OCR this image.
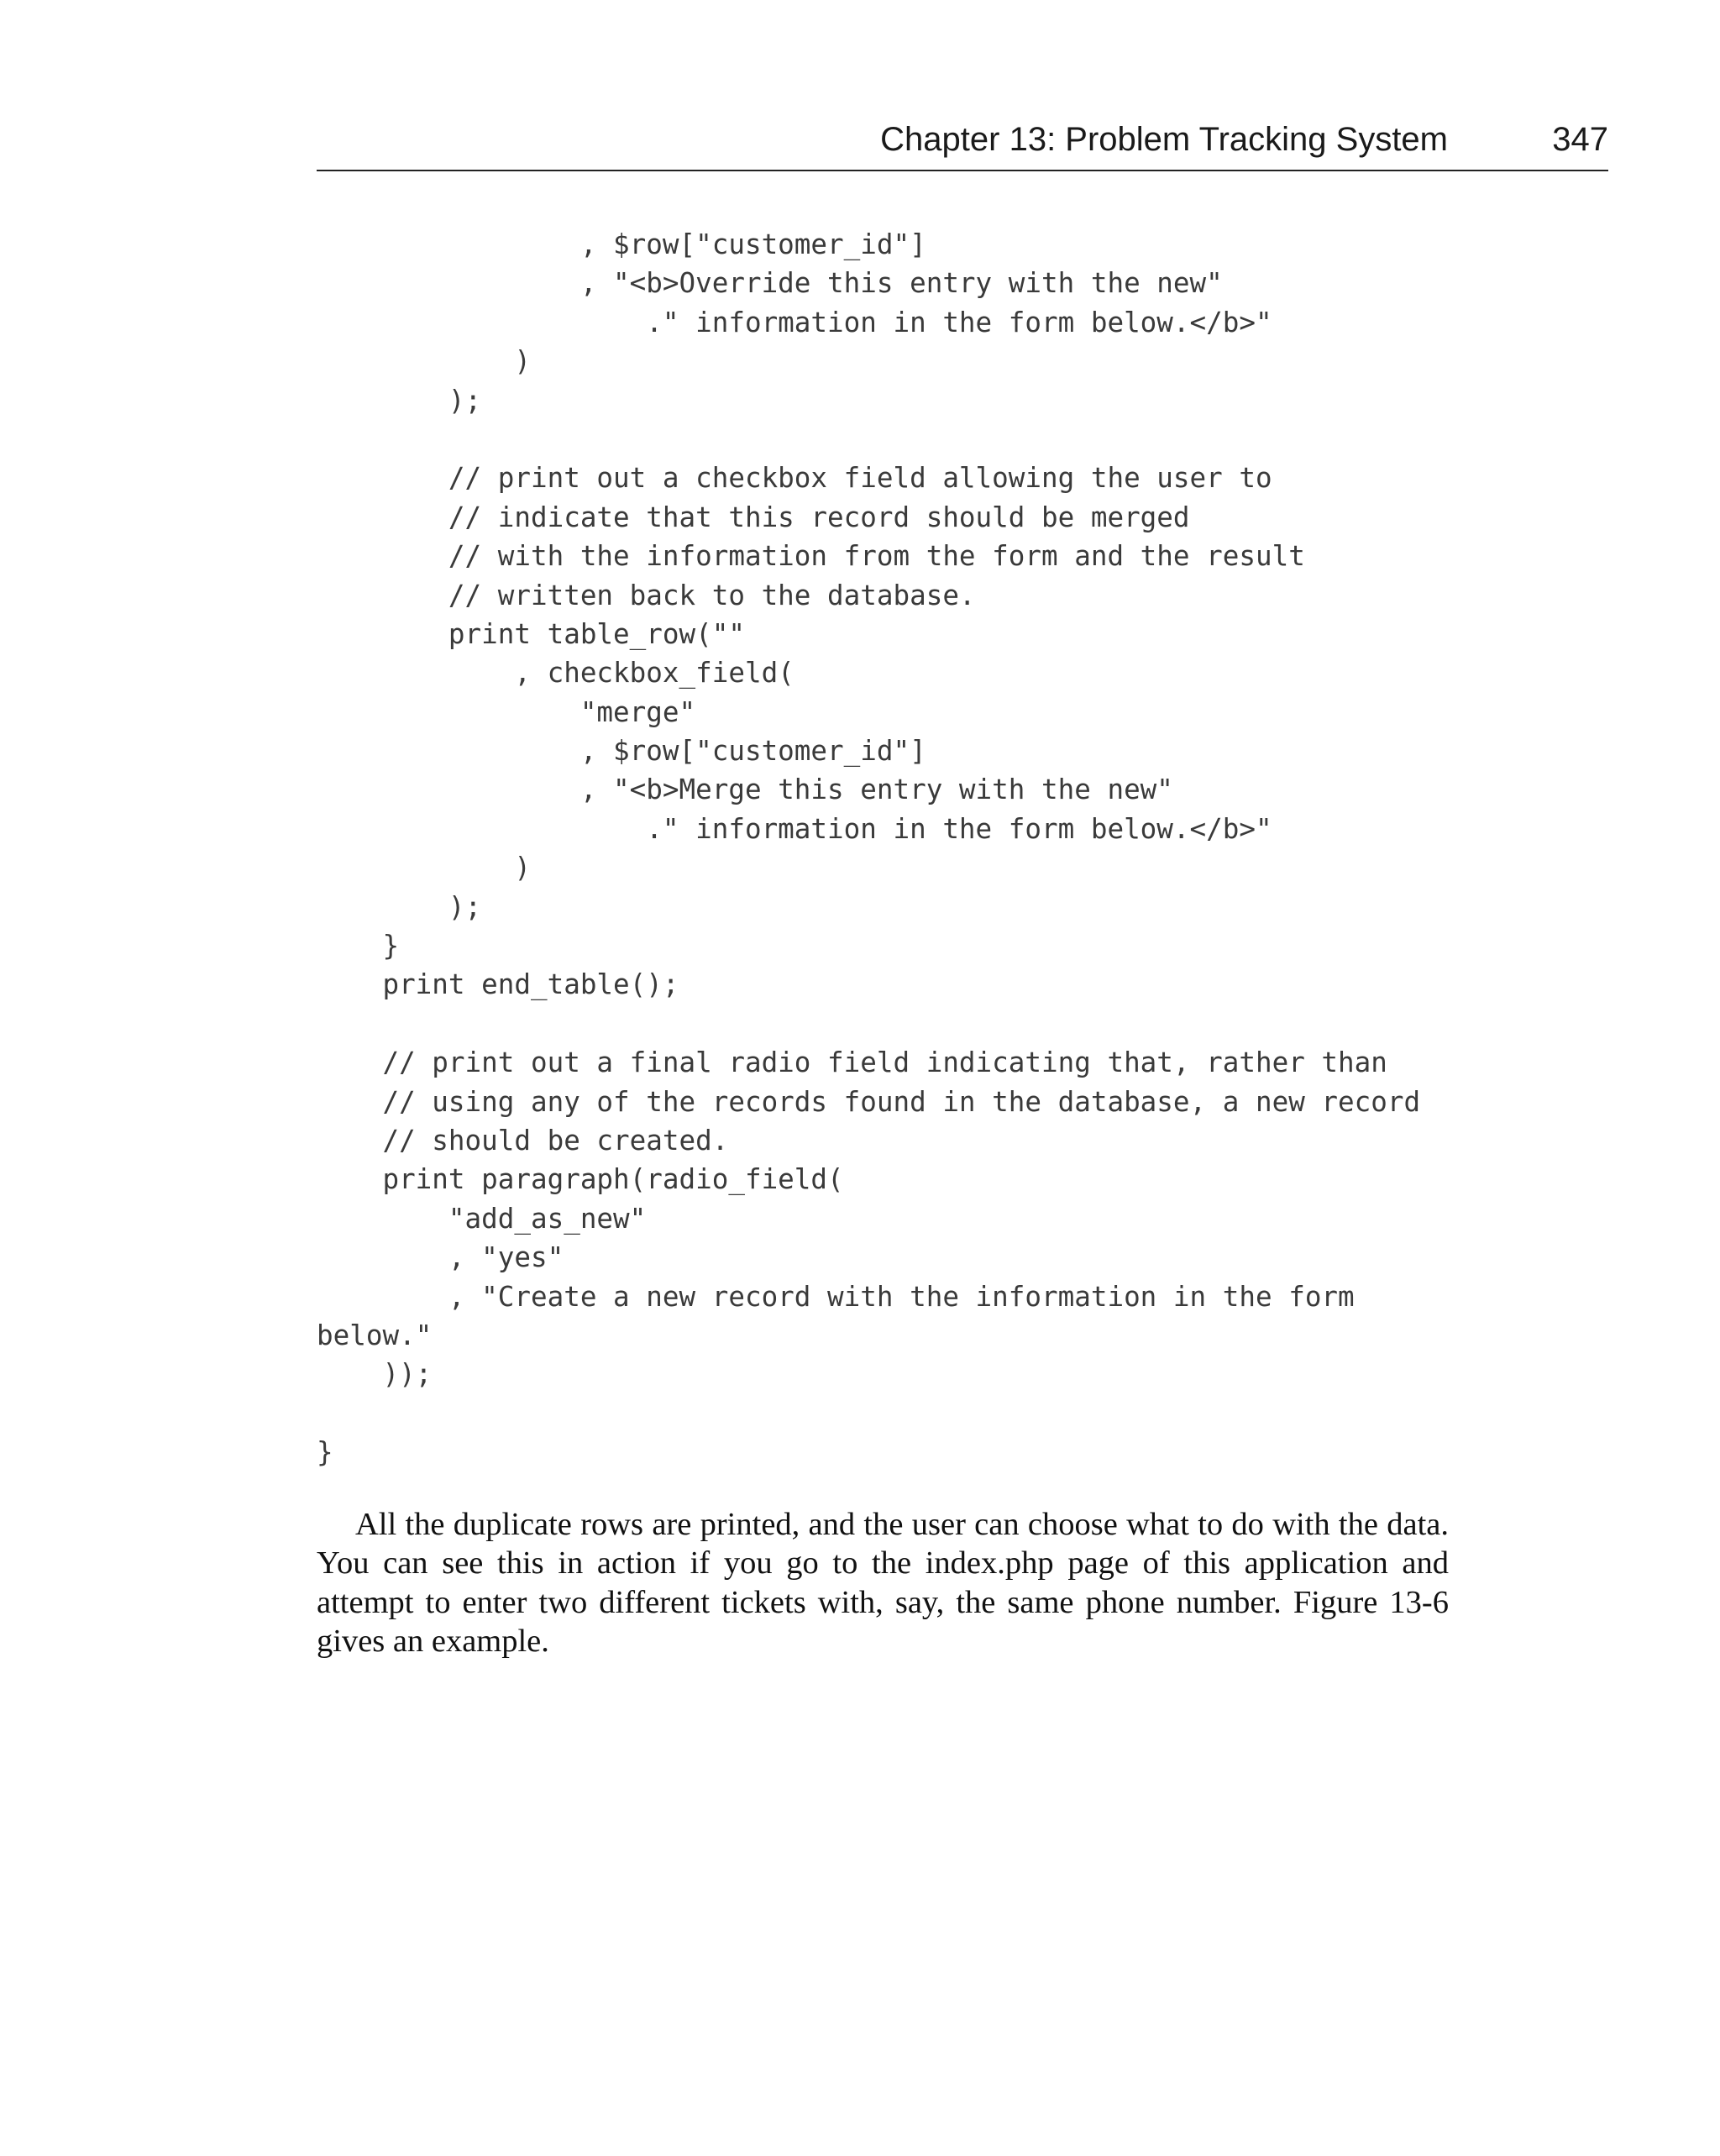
Chapter 13: Problem Tracking System	347
, $row["customer_id"]
, "<b>Override this entry with the new"
." information in the form below.</b>"
)
);
// print out a checkbox field allowing the user to
// indicate that this record should be merged
// with the information from the form and the result
// written back to the database.
print table_row(""
, checkbox_field(
"merge"
, $row["customer_id"]
, "<b>Merge this entry with the new"
." information in the form below.</b>"
)
);
}
print end_table();
// print out a final radio field indicating that, rather than
// using any of the records found in the database, a new record
// should be created.
print paragraph(radio_field(
"add_as_new"
, "yes"
, "Create a new record with the information in the form
below."
));
}

All the duplicate rows are printed, and the user can choose what to do with the data. You can see this in action if you go to the index.php page of this application and attempt to enter two different tickets with, say, the same phone number. Figure 13-6 gives an example.
